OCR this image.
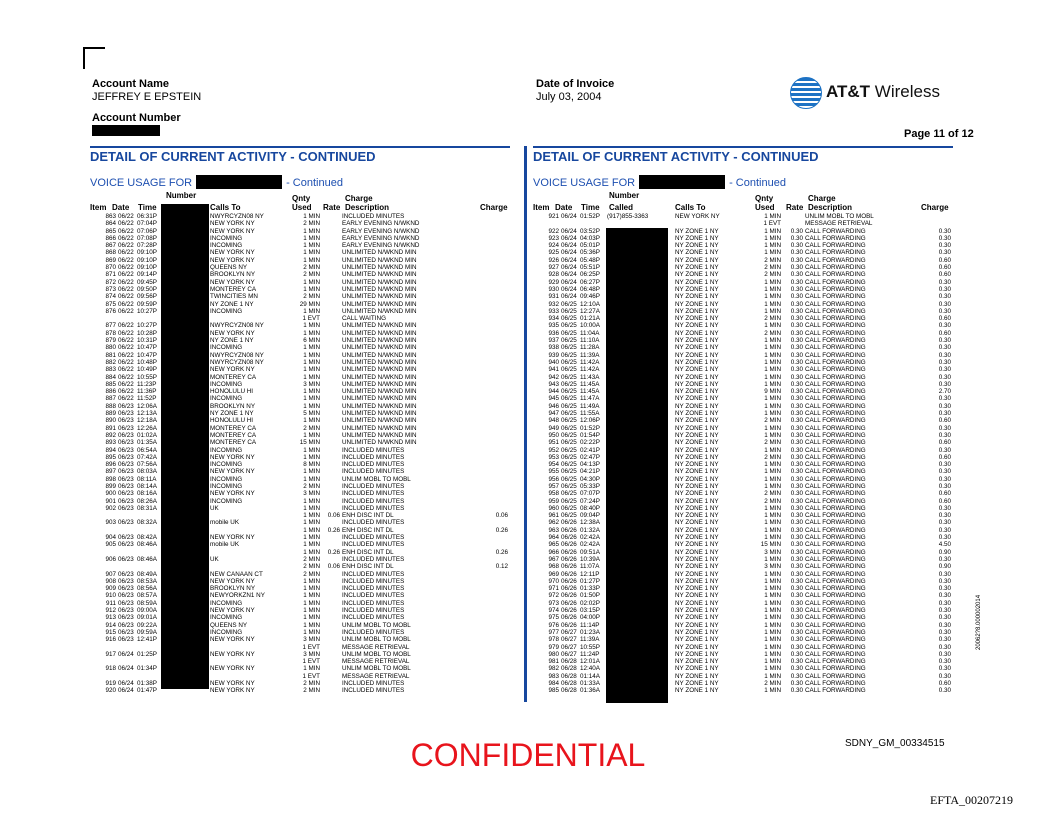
Account Name
JEFFREY E EPSTEIN
Account Number
Date of Invoice
July 03, 2004	AT&T Wireless
Page 11 of 12
DETAIL OF CURRENT ACTIVITY - CONTINUED
VOICE USAGE FOR	- Continued
Number	Qnty	Charge
Item Date Time	Calls To	Used Rate Description	Charge
863 06/22 06:31P	NWYRCYZN08 NY	1 MIN	INCLUDED MINUTES
864 06/22 07:04P	NEW YORK NY	2 MIN	EARLY EVENING N/WKND
865 06/22 07:06P	NEW YORK NY	1 MIN	EARLY EVENING N/WKND
866 06/22 07:08P	INCOMING	1 MIN	EARLY EVENING N/WKND
867 06/22 07:28P	INCOMING	1 MIN	EARLY EVENING N/WKND
868 06/22 09:10P	NEW YORK NY	1 MIN	UNLIMITED N/WKND MIN
869 06/22 09:10P	NEW YORK NY	1 MIN	UNLIMITED N/WKND MIN
870 06/22 09:10P	QUEENS NY	2 MIN	UNLIMITED N/WKND MIN
871 06/22 09:14P	BROOKLYN NY	2 MIN	UNLIMITED N/WKND MIN
872 06/22 09:45P	NEW YORK NY	1 MIN	UNLIMITED N/WKND MIN
873 06/22 09:50P	MONTEREY CA	1 MIN	UNLIMITED N/WKND MIN
874 06/22 09:56P	TWINCITIES MN	2 MIN	UNLIMITED N/WKND MIN
875 06/22 09:59P	NY ZONE 1 NY	29 MIN	UNLIMITED N/WKND MIN
876 06/22 10:27P	INCOMING	1 MIN	UNLIMITED N/WKND MIN
1 EVT	CALL WAITING
877 06/22 10:27P	NWYRCYZN08 NY	1 MIN	UNLIMITED N/WKND MIN
878 06/22 10:28P	NEW YORK NY	1 MIN	UNLIMITED N/WKND MIN
879 06/22 10:31P	NY ZONE 1 NY	6 MIN	UNLIMITED N/WKND MIN
880 06/22 10:47P	INCOMING	1 MIN	UNLIMITED N/WKND MIN
881 06/22 10:47P	NWYRCYZN08 NY	1 MIN	UNLIMITED N/WKND MIN
882 06/22 10:48P	NWYRCYZN08 NY	1 MIN	UNLIMITED N/WKND MIN
883 06/22 10:49P	NEW YORK NY	1 MIN	UNLIMITED N/WKND MIN
884 06/22 10:55P	MONTEREY CA	1 MIN	UNLIMITED N/WKND MIN
885 06/22 11:23P	INCOMING	3 MIN	UNLIMITED N/WKND MIN
886 06/22 11:36P	HONOLULU HI	1 MIN	UNLIMITED N/WKND MIN
887 06/22 11:52P	INCOMING	1 MIN	UNLIMITED N/WKND MIN
888 06/23 12:06A	BROOKLYN NY	1 MIN	UNLIMITED N/WKND MIN
889 06/23 12:13A	NY ZONE 1 NY	5 MIN	UNLIMITED N/WKND MIN
890 06/23 12:18A	HONOLULU HI	1 MIN	UNLIMITED N/WKND MIN
891 06/23 12:26A	MONTEREY CA	2 MIN	UNLIMITED N/WKND MIN
892 06/23 01:02A	MONTEREY CA	1 MIN	UNLIMITED N/WKND MIN
893 06/23 01:35A	MONTEREY CA	15 MIN	UNLIMITED N/WKND MIN
894 06/23 06:54A	INCOMING	1 MIN	INCLUDED MINUTES
895 06/23 07:42A	NEW YORK NY	1 MIN	INCLUDED MINUTES
896 06/23 07:56A	INCOMING	8 MIN	INCLUDED MINUTES
897 06/23 08:03A	NEW YORK NY	1 MIN	INCLUDED MINUTES
898 06/23 08:11A	INCOMING	1 MIN	UNLIM MOBL TO MOBL
899 06/23 08:14A	INCOMING	2 MIN	INCLUDED MINUTES
900 06/23 08:16A	NEW YORK NY	3 MIN	INCLUDED MINUTES
901 06/23 08:26A	INCOMING	1 MIN	INCLUDED MINUTES
902 06/23 08:31A	UK	1 MIN	INCLUDED MINUTES
1 MIN	0.06 ENH DISC INT DL	0.06
903 06/23 08:32A	mobile UK	1 MIN	INCLUDED MINUTES
1 MIN	0.26 ENH DISC INT DL	0.26
904 06/23 08:42A	NEW YORK NY	1 MIN	INCLUDED MINUTES
905 06/23 08:46A	mobile UK	1 MIN	INCLUDED MINUTES
1 MIN	0.26 ENH DISC INT DL	0.26
906 06/23 08:46A	UK	2 MIN	INCLUDED MINUTES
2 MIN	0.06 ENH DISC INT DL	0.12
907 06/23 08:49A	NEW CANAAN CT	2 MIN	INCLUDED MINUTES
908 06/23 08:53A	NEW YORK NY	1 MIN	INCLUDED MINUTES
909 06/23 08:56A	BROOKLYN NY	1 MIN	INCLUDED MINUTES
910 06/23 08:57A	NEWYORKZN1 NY	1 MIN	INCLUDED MINUTES
911 06/23 08:59A	INCOMING	1 MIN	INCLUDED MINUTES
912 06/23 09:00A	NEW YORK NY	1 MIN	INCLUDED MINUTES
913 06/23 09:01A	INCOMING	1 MIN	INCLUDED MINUTES
914 06/23 09:22A	QUEENS NY	1 MIN	UNLIM MOBL TO MOBL
915 06/23 09:59A	INCOMING	1 MIN	INCLUDED MINUTES
916 06/23 12:41P	NEW YORK NY	3 MIN	UNLIM MOBL TO MOBL
1 EVT	MESSAGE RETRIEVAL
917 06/24 01:25P	NEW YORK NY	3 MIN	UNLIM MOBL TO MOBL
1 EVT	MESSAGE RETRIEVAL
918 06/24 01:34P	NEW YORK NY	1 MIN	UNLIM MOBL TO MOBL
1 EVT	MESSAGE RETRIEVAL
919 06/24 01:38P	NEW YORK NY	2 MIN	INCLUDED MINUTES
920 06/24 01:47P	NEW YORK NY	2 MIN	INCLUDED MINUTES
DETAIL OF CURRENT ACTIVITY - CONTINUED
VOICE USAGE FOR	- Continued
Number	Qnty	Charge
Item Date Time Called	Calls To	Used Rate Description	Charge
921 06/24 01:52P (917)855-3363	NEW YORK NY	1 MIN	UNLIM MOBL TO MOBL
1 EVT	MESSAGE RETRIEVAL
922 06/24 03:52P	NY ZONE 1 NY	1 MIN	0.30 CALL FORWARDING	0.30
923 06/24 04:03P	NY ZONE 1 NY	1 MIN	0.30 CALL FORWARDING	0.30
924 06/24 05:01P	NY ZONE 1 NY	1 MIN	0.30 CALL FORWARDING	0.30
925 06/24 05:36P	NY ZONE 1 NY	1 MIN	0.30 CALL FORWARDING	0.30
926 06/24 05:48P	NY ZONE 1 NY	2 MIN	0.30 CALL FORWARDING	0.60
927 06/24 05:51P	NY ZONE 1 NY	2 MIN	0.30 CALL FORWARDING	0.60
928 06/24 06:25P	NY ZONE 1 NY	2 MIN	0.30 CALL FORWARDING	0.60
929 06/24 06:27P	NY ZONE 1 NY	1 MIN	0.30 CALL FORWARDING	0.30
930 06/24 06:48P	NY ZONE 1 NY	1 MIN	0.30 CALL FORWARDING	0.30
931 06/24 09:46P	NY ZONE 1 NY	1 MIN	0.30 CALL FORWARDING	0.30
932 06/25 12:10A	NY ZONE 1 NY	1 MIN	0.30 CALL FORWARDING	0.30
933 06/25 12:27A	NY ZONE 1 NY	1 MIN	0.30 CALL FORWARDING	0.30
934 06/25 01:21A	NY ZONE 1 NY	2 MIN	0.30 CALL FORWARDING	0.60
935 06/25 10:00A	NY ZONE 1 NY	1 MIN	0.30 CALL FORWARDING	0.30
936 06/25 11:04A	NY ZONE 1 NY	2 MIN	0.30 CALL FORWARDING	0.60
937 06/25 11:10A	NY ZONE 1 NY	1 MIN	0.30 CALL FORWARDING	0.30
938 06/25 11:28A	NY ZONE 1 NY	1 MIN	0.30 CALL FORWARDING	0.30
939 06/25 11:39A	NY ZONE 1 NY	1 MIN	0.30 CALL FORWARDING	0.30
940 06/25 11:42A	NY ZONE 1 NY	1 MIN	0.30 CALL FORWARDING	0.30
941 06/25 11:42A	NY ZONE 1 NY	1 MIN	0.30 CALL FORWARDING	0.30
942 06/25 11:43A	NY ZONE 1 NY	1 MIN	0.30 CALL FORWARDING	0.30
943 06/25 11:45A	NY ZONE 1 NY	1 MIN	0.30 CALL FORWARDING	0.30
944 06/25 11:45A	NY ZONE 1 NY	9 MIN	0.30 CALL FORWARDING	2.70
945 06/25 11:47A	NY ZONE 1 NY	1 MIN	0.30 CALL FORWARDING	0.30
946 06/25 11:49A	NY ZONE 1 NY	1 MIN	0.30 CALL FORWARDING	0.30
947 06/25 11:55A	NY ZONE 1 NY	1 MIN	0.30 CALL FORWARDING	0.30
948 06/25 12:06P	NY ZONE 1 NY	2 MIN	0.30 CALL FORWARDING	0.60
949 06/25 01:52P	NY ZONE 1 NY	1 MIN	0.30 CALL FORWARDING	0.30
950 06/25 01:54P	NY ZONE 1 NY	1 MIN	0.30 CALL FORWARDING	0.30
951 06/25 02:22P	NY ZONE 1 NY	2 MIN	0.30 CALL FORWARDING	0.60
952 06/25 02:41P	NY ZONE 1 NY	1 MIN	0.30 CALL FORWARDING	0.30
953 06/25 02:47P	NY ZONE 1 NY	2 MIN	0.30 CALL FORWARDING	0.60
954 06/25 04:13P	NY ZONE 1 NY	1 MIN	0.30 CALL FORWARDING	0.30
955 06/25 04:21P	NY ZONE 1 NY	1 MIN	0.30 CALL FORWARDING	0.30
956 06/25 04:30P	NY ZONE 1 NY	1 MIN	0.30 CALL FORWARDING	0.30
957 06/25 05:33P	NY ZONE 1 NY	1 MIN	0.30 CALL FORWARDING	0.30
958 06/25 07:07P	NY ZONE 1 NY	2 MIN	0.30 CALL FORWARDING	0.60
959 06/25 07:24P	NY ZONE 1 NY	2 MIN	0.30 CALL FORWARDING	0.60
960 06/25 08:40P	NY ZONE 1 NY	1 MIN	0.30 CALL FORWARDING	0.30
961 06/25 09:04P	NY ZONE 1 NY	1 MIN	0.30 CALL FORWARDING	0.30
962 06/26 12:38A	NY ZONE 1 NY	1 MIN	0.30 CALL FORWARDING	0.30
963 06/26 01:32A	NY ZONE 1 NY	1 MIN	0.30 CALL FORWARDING	0.30
964 06/26 02:42A	NY ZONE 1 NY	1 MIN	0.30 CALL FORWARDING	0.30
965 06/26 02:42A	NY ZONE 1 NY	15 MIN	0.30 CALL FORWARDING	4.50
966 06/26 09:51A	NY ZONE 1 NY	3 MIN	0.30 CALL FORWARDING	0.90
967 06/26 10:39A	NY ZONE 1 NY	1 MIN	0.30 CALL FORWARDING	0.30
968 06/26 11:07A	NY ZONE 1 NY	3 MIN	0.30 CALL FORWARDING	0.90
969 06/26 12:11P	NY ZONE 1 NY	1 MIN	0.30 CALL FORWARDING	0.30
970 06/26 01:27P	NY ZONE 1 NY	1 MIN	0.30 CALL FORWARDING	0.30
971 06/26 01:33P	NY ZONE 1 NY	1 MIN	0.30 CALL FORWARDING	0.30
972 06/26 01:50P	NY ZONE 1 NY	1 MIN	0.30 CALL FORWARDING	0.30
973 06/26 02:02P	NY ZONE 1 NY	1 MIN	0.30 CALL FORWARDING	0.30
974 06/26 03:15P	NY ZONE 1 NY	1 MIN	0.30 CALL FORWARDING	0.30
975 06/26 04:00P	NY ZONE 1 NY	1 MIN	0.30 CALL FORWARDING	0.30
976 06/26 11:14P	NY ZONE 1 NY	1 MIN	0.30 CALL FORWARDING	0.30
977 06/27 01:23A	NY ZONE 1 NY	1 MIN	0.30 CALL FORWARDING	0.30
978 06/27 11:39A	NY ZONE 1 NY	1 MIN	0.30 CALL FORWARDING	0.30
979 06/27 10:55P	NY ZONE 1 NY	1 MIN	0.30 CALL FORWARDING	0.30
980 06/27 11:24P	NY ZONE 1 NY	1 MIN	0.30 CALL FORWARDING	0.30
981 06/28 12:01A	NY ZONE 1 NY	1 MIN	0.30 CALL FORWARDING	0.30
982 06/28 12:40A	NY ZONE 1 NY	1 MIN	0.30 CALL FORWARDING	0.30
983 06/28 01:14A	NY ZONE 1 NY	1 MIN	0.30 CALL FORWARDING	0.30
984 06/28 01:33A	NY ZONE 1 NY	2 MIN	0.30 CALL FORWARDING	0.60
985 06/28 01:36A	NY ZONE 1 NY	1 MIN	0.30 CALL FORWARDING	0.30
CONFIDENTIAL	SDNY_GM_00334515
EFTA_00207219
20062?8.000002014
